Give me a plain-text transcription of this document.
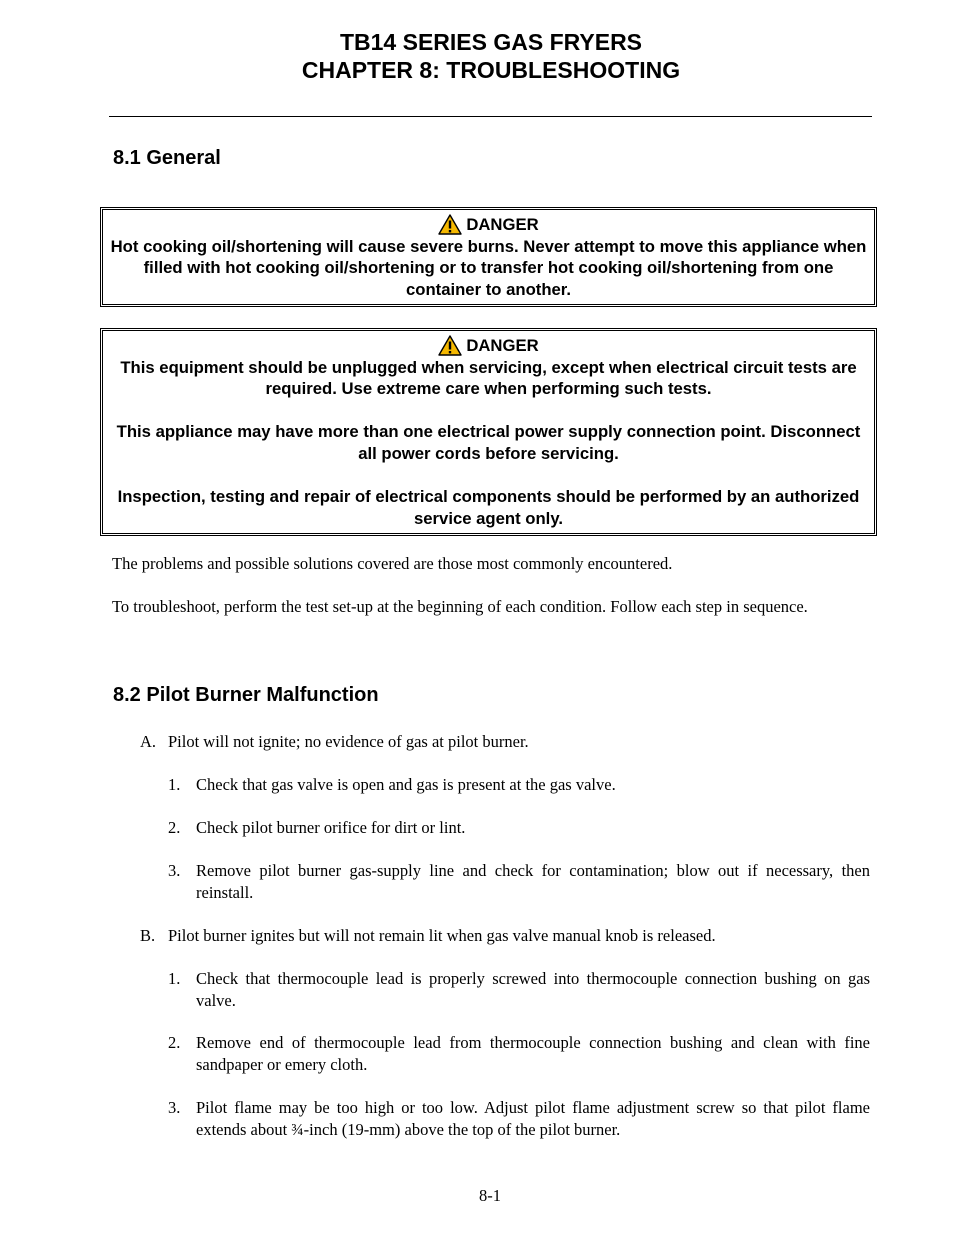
TB14 SERIES GAS FRYERS
CHAPTER 8: TROUBLESHOOTING
8.1 General
DANGER

Hot cooking oil/shortening will cause severe burns. Never attempt to move this appliance when filled with hot cooking oil/shortening or to transfer hot cooking oil/shortening from one container to another.

DANGER

This equipment should be unplugged when servicing, except when electrical circuit tests are required. Use extreme care when performing such tests.

This appliance may have more than one electrical power supply connection point. Disconnect all power cords before servicing.

Inspection, testing and repair of electrical components should be performed by an authorized service agent only.

The problems and possible solutions covered are those most commonly encountered.

To troubleshoot, perform the test set-up at the beginning of each condition. Follow each step in sequence.

8.2 Pilot Burner Malfunction
A. Pilot will not ignite; no evidence of gas at pilot burner.
1. Check that gas valve is open and gas is present at the gas valve.
2. Check pilot burner orifice for dirt or lint.
3. Remove pilot burner gas-supply line and check for contamination; blow out if necessary, then reinstall.
B. Pilot burner ignites but will not remain lit when gas valve manual knob is released.
1. Check that thermocouple lead is properly screwed into thermocouple connection bushing on gas valve.
2. Remove end of thermocouple lead from thermocouple connection bushing and clean with fine sandpaper or emery cloth.
3. Pilot flame may be too high or too low. Adjust pilot flame adjustment screw so that pilot flame extends about ¾-inch (19-mm) above the top of the pilot burner.
8-1
